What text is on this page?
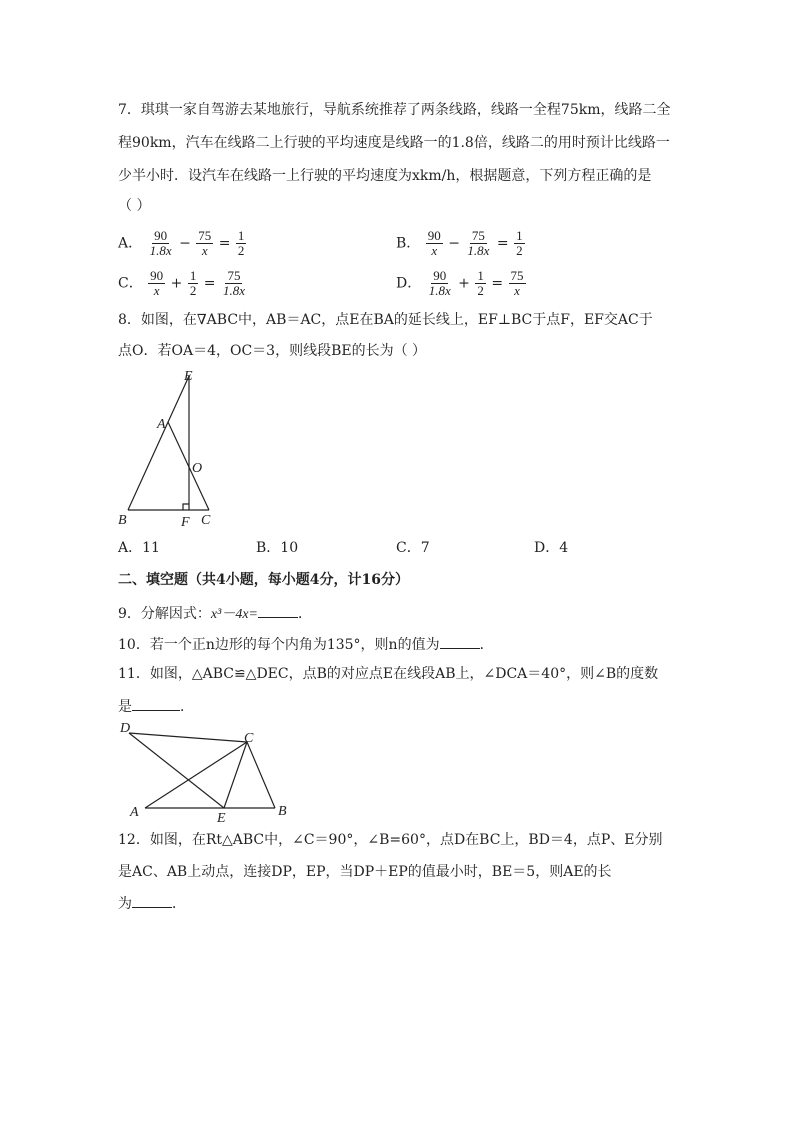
7．琪琪一家自驾游去某地旅行，导航系统推荐了两条线路，线路一全程75km，线路二全
程90km，汽车在线路二上行驶的平均速度是线路一的1.8倍，线路二的用时预计比线路一
少半小时．设汽车在线路一上行驶的平均速度为xkm/h，根据题意，下列方程正确的是
（ ）
A． $\frac{90}{1.8x} - \frac{75}{x} = \frac{1}{2}$	B． $\frac{90}{x} - \frac{75}{1.8x} = \frac{1}{2}$
C． $\frac{90}{x} + \frac{1}{2} = \frac{75}{1.8x}$	D． $\frac{90}{1.8x} + \frac{1}{2} = \frac{75}{x}$
8．如图，在∇ABC中，AB＝AC，点E在BA的延长线上，EF⊥BC于点F，EF交AC于
点O．若OA＝4，OC＝3，则线段BE的长为（ ）
E
A
O
B	F C
A．11	B．10	C．7	D．4
二、填空题（共4小题，每小题4分，计16分）
9．分解因式：x³－4x=	．
10．若一个正n边形的每个内角为135°，则n的值为	．
11．如图，△ABC≌△DEC，点B的对应点E在线段AB上，∠DCA＝40°，则∠B的度数
是	．
D
C
A	E	B
12．如图，在Rt△ABC中，∠C＝90°，∠B=60°，点D在BC上，BD＝4，点P、E分别
是AC、AB上动点，连接DP，EP，当DP＋EP的值最小时，BE＝5，则AE的长
为	．
